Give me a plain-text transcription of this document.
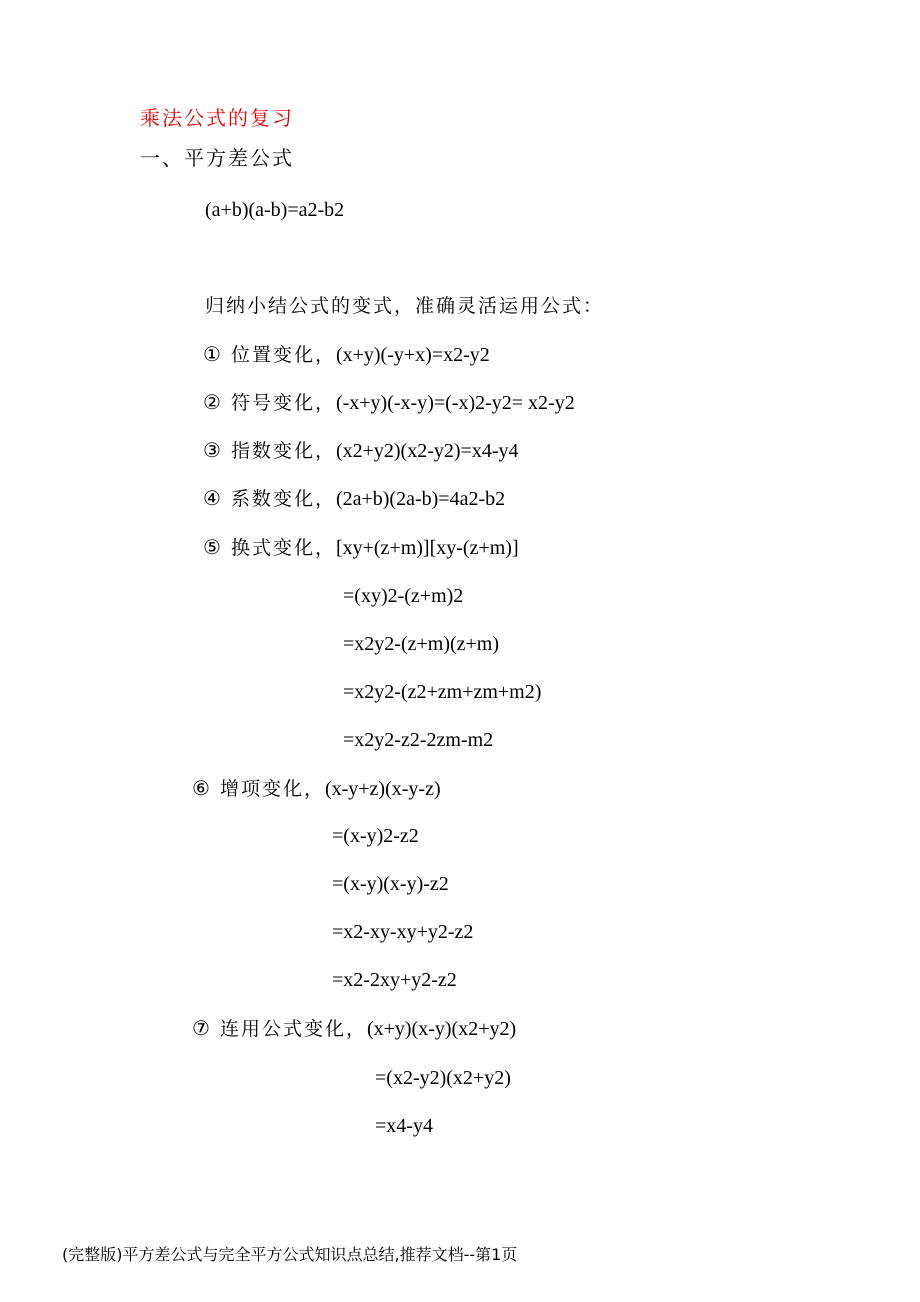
乘法公式的复习
一、平方差公式
(a+b)(a-b)=a2-b2
归纳小结公式的变式，准确灵活运用公式：
① 位置变化，(x+y)(-y+x)=x2-y2
② 符号变化，(-x+y)(-x-y)=(-x)2-y2= x2-y2
③ 指数变化，(x2+y2)(x2-y2)=x4-y4
④ 系数变化，(2a+b)(2a-b)=4a2-b2
⑤ 换式变化，[xy+(z+m)][xy-(z+m)]
=(xy)2-(z+m)2
=x2y2-(z+m)(z+m)
=x2y2-(z2+zm+zm+m2)
=x2y2-z2-2zm-m2
⑥ 增项变化，(x-y+z)(x-y-z)
=(x-y)2-z2
=(x-y)(x-y)-z2
=x2-xy-xy+y2-z2
=x2-2xy+y2-z2
⑦ 连用公式变化，(x+y)(x-y)(x2+y2)
=(x2-y2)(x2+y2)
=x4-y4
(完整版)平方差公式与完全平方公式知识点总结,推荐文档--第1页
